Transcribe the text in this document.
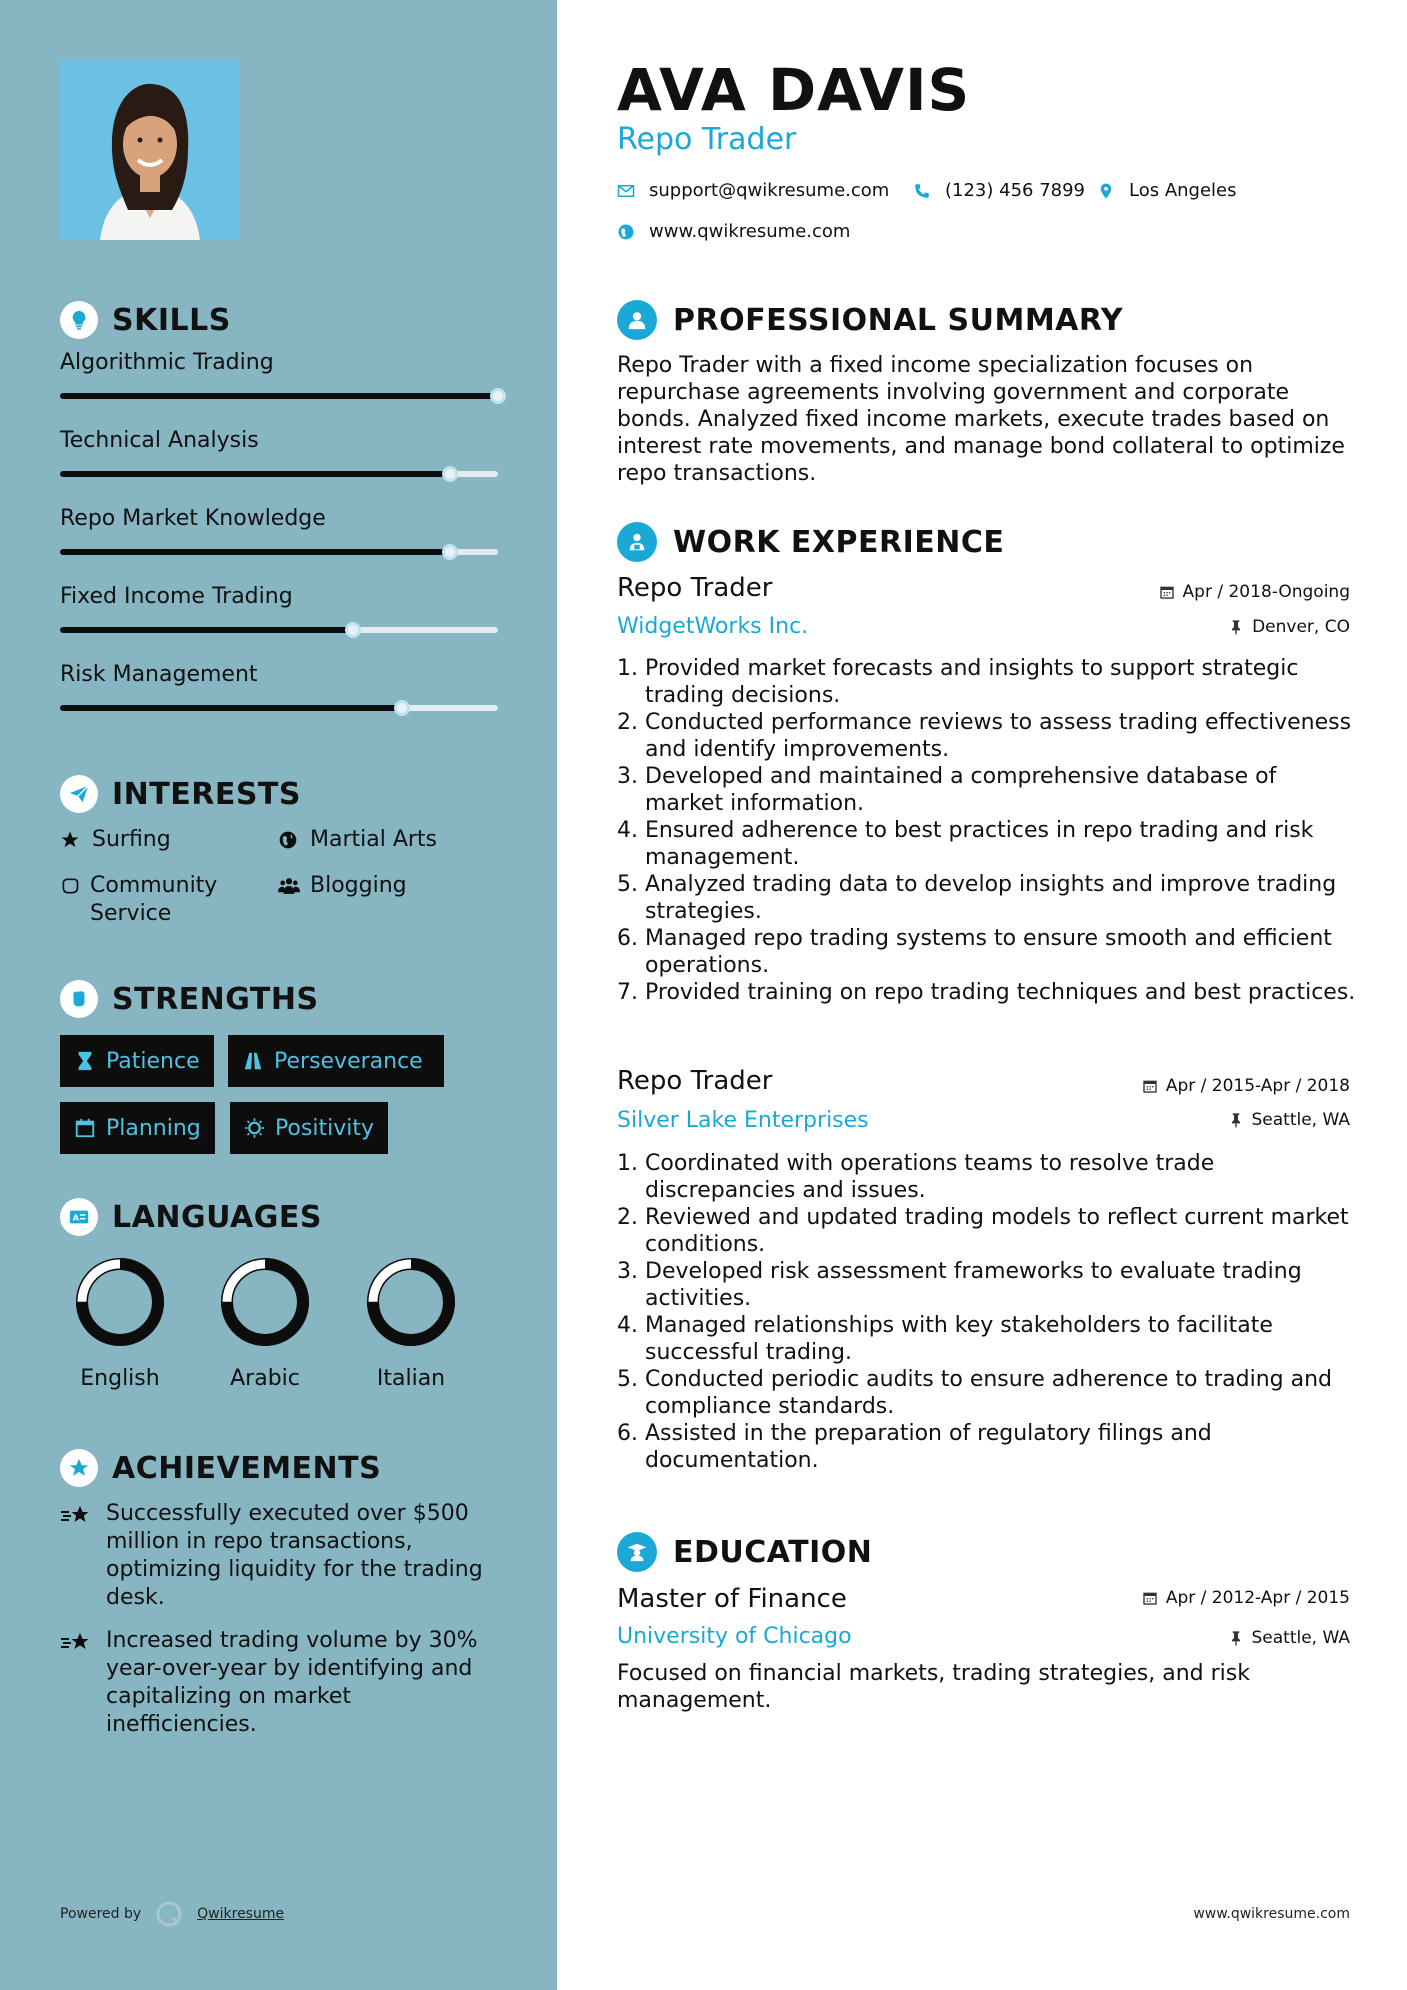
SKILLS
Algorithmic Trading
Technical Analysis
Repo Market Knowledge
Fixed Income Trading
Risk Management
INTERESTS
Surfing	Martial Arts
Community Service
Blogging
STRENGTHS
Patience	Perseverance
Planning	Positivity
A LANGUAGES
English	Arabic	Italian
ACHIEVEMENTS
Successfully executed over $500 million in repo transactions, optimizing liquidity for the trading desk.
Increased trading volume by 30% year-over-year by identifying and capitalizing on market inefficiencies.
Powered by	Qwikresume
AVA DAVIS
Repo Trader
support@qwikresume.com	(123) 456 7899 Los Angeles
www.qwikresume.com
PROFESSIONAL SUMMARY
Repo Trader with a fixed income specialization focuses on repurchase agreements involving government and corporate bonds. Analyzed fixed income markets, execute trades based on interest rate movements, and manage bond collateral to optimize repo transactions.
WORK EXPERIENCE
Repo Trader
WidgetWorks Inc.
Apr / 2018-Ongoing
Denver, CO
1. Provided market forecasts and insights to support strategic trading decisions.
2. Conducted performance reviews to assess trading effectiveness and identify improvements.
3. Developed and maintained a comprehensive database of market information.
4. Ensured adherence to best practices in repo trading and risk management.
5. Analyzed trading data to develop insights and improve trading strategies.
6. Managed repo trading systems to ensure smooth and efficient operations.
7. Provided training on repo trading techniques and best practices.
Repo Trader
Silver Lake Enterprises
Apr / 2015-Apr / 2018
Seattle, WA
1. Coordinated with operations teams to resolve trade discrepancies and issues.
2. Reviewed and updated trading models to reflect current market conditions.
3. Developed risk assessment frameworks to evaluate trading activities.
4. Managed relationships with key stakeholders to facilitate successful trading.
5. Conducted periodic audits to ensure adherence to trading and compliance standards.
6. Assisted in the preparation of regulatory filings and documentation.
EDUCATION
Master of Finance
University of Chicago
Apr / 2012-Apr / 2015
Seattle, WA
Focused on financial markets, trading strategies, and risk management.
www.qwikresume.com
